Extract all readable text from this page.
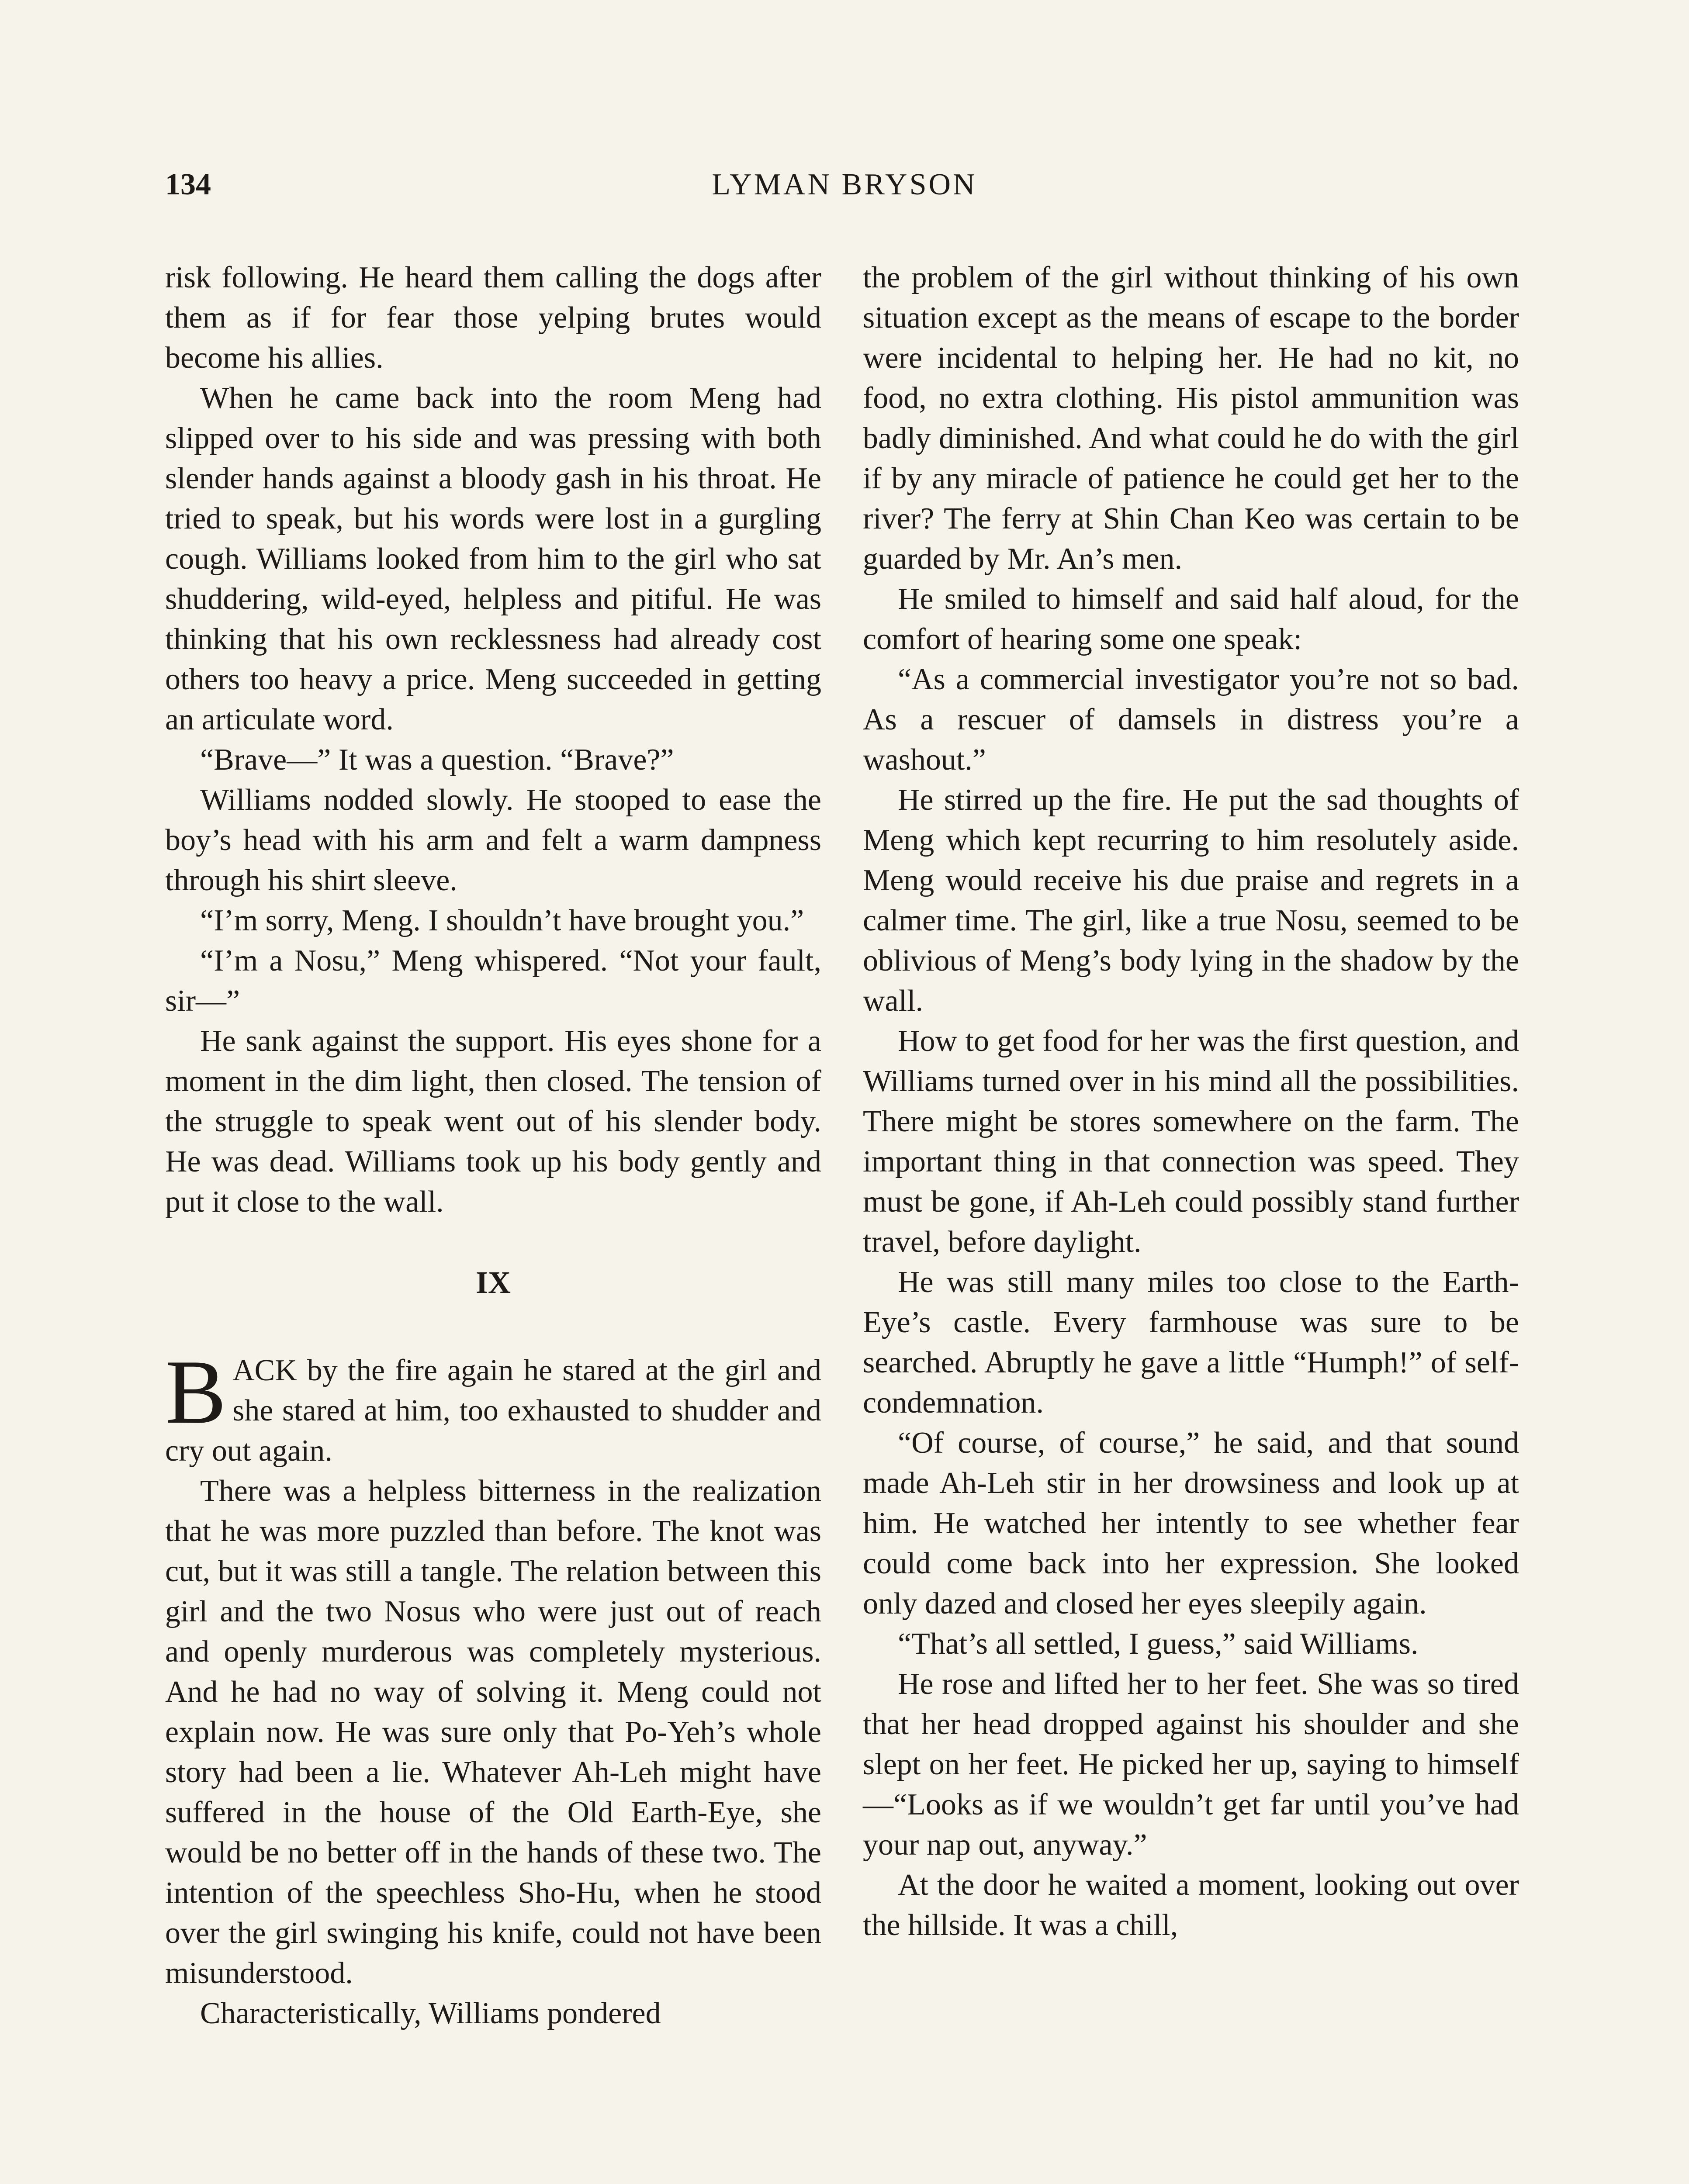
134	LYMAN BRYSON

risk following. He heard them calling the dogs after them as if for fear those yelping brutes would become his allies.

When he came back into the room Meng had slipped over to his side and was pressing with both slender hands against a bloody gash in his throat. He tried to speak, but his words were lost in a gurgling cough. Williams looked from him to the girl who sat shuddering, wild-eyed, helpless and pitiful. He was thinking that his own recklessness had already cost others too heavy a price. Meng succeeded in getting an articulate word.

“Brave—” It was a question. “Brave?”

Williams nodded slowly. He stooped to ease the boy’s head with his arm and felt a warm dampness through his shirt sleeve.

“I’m sorry, Meng. I shouldn’t have brought you.”

“I’m a Nosu,” Meng whispered. “Not your fault, sir—”

He sank against the support. His eyes shone for a moment in the dim light, then closed. The tension of the struggle to speak went out of his slender body. He was dead. Williams took up his body gently and put it close to the wall.

IX

BACK by the fire again he stared at the girl and she stared at him, too exhausted to shudder and cry out again.

There was a helpless bitterness in the realization that he was more puzzled than before. The knot was cut, but it was still a tangle. The relation between this girl and the two Nosus who were just out of reach and openly murderous was completely mysterious. And he had no way of solving it. Meng could not explain now. He was sure only that Po-Yeh’s whole story had been a lie. Whatever Ah-Leh might have suffered in the house of the Old Earth-Eye, she would be no better off in the hands of these two. The intention of the speechless Sho-Hu, when he stood over the girl swinging his knife, could not have been misunderstood.

Characteristically, Williams pondered

the problem of the girl without thinking of his own situation except as the means of escape to the border were incidental to helping her. He had no kit, no food, no extra clothing. His pistol ammunition was badly diminished. And what could he do with the girl if by any miracle of patience he could get her to the river? The ferry at Shin Chan Keo was certain to be guarded by Mr. An’s men.

He smiled to himself and said half aloud, for the comfort of hearing some one speak:

“As a commercial investigator you’re not so bad. As a rescuer of damsels in distress you’re a washout.”

He stirred up the fire. He put the sad thoughts of Meng which kept recurring to him resolutely aside. Meng would receive his due praise and regrets in a calmer time. The girl, like a true Nosu, seemed to be oblivious of Meng’s body lying in the shadow by the wall.

How to get food for her was the first question, and Williams turned over in his mind all the possibilities. There might be stores somewhere on the farm. The important thing in that connection was speed. They must be gone, if Ah-Leh could possibly stand further travel, before daylight.

He was still many miles too close to the Earth-Eye’s castle. Every farmhouse was sure to be searched. Abruptly he gave a little “Humph!” of self-condemnation.

“Of course, of course,” he said, and that sound made Ah-Leh stir in her drowsiness and look up at him. He watched her intently to see whether fear could come back into her expression. She looked only dazed and closed her eyes sleepily again.

“That’s all settled, I guess,” said Williams.

He rose and lifted her to her feet. She was so tired that her head dropped against his shoulder and she slept on her feet. He picked her up, saying to himself—“Looks as if we wouldn’t get far until you’ve had your nap out, anyway.”

At the door he waited a moment, looking out over the hillside. It was a chill,
